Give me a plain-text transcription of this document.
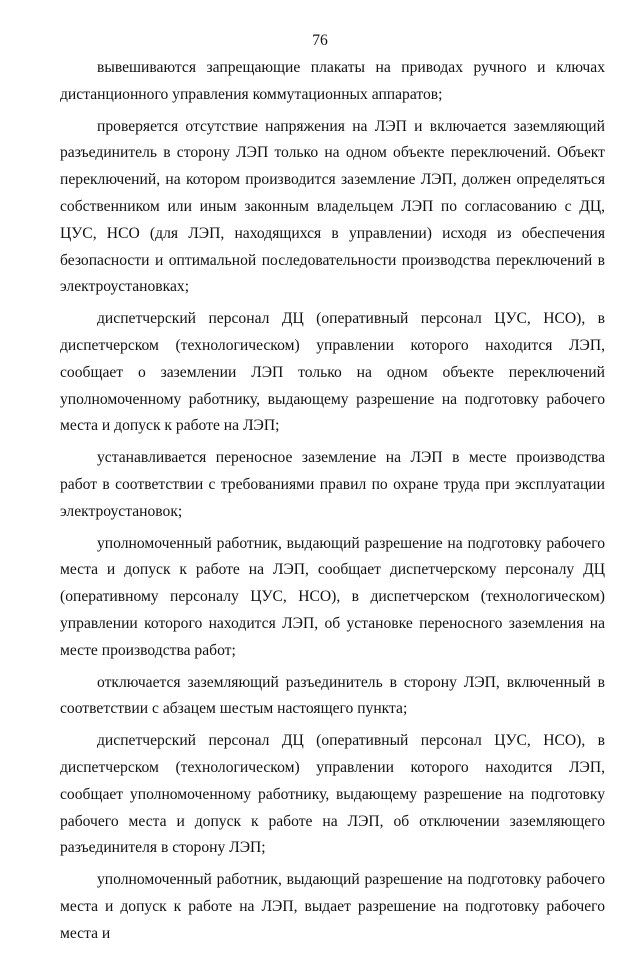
76

вывешиваются запрещающие плакаты на приводах ручного и ключах дистанционного управления коммутационных аппаратов;

проверяется отсутствие напряжения на ЛЭП и включается заземляющий разъединитель в сторону ЛЭП только на одном объекте переключений. Объект переключений, на котором производится заземление ЛЭП, должен определяться собственником или иным законным владельцем ЛЭП по согласованию с ДЦ, ЦУС, НСО (для ЛЭП, находящихся в управлении) исходя из обеспечения безопасности и оптимальной последовательности производства переключений в электроустановках;

диспетчерский персонал ДЦ (оперативный персонал ЦУС, НСО), в диспетчерском (технологическом) управлении которого находится ЛЭП, сообщает о заземлении ЛЭП только на одном объекте переключений уполномоченному работнику, выдающему разрешение на подготовку рабочего места и допуск к работе на ЛЭП;

устанавливается переносное заземление на ЛЭП в месте производства работ в соответствии с требованиями правил по охране труда при эксплуатации электроустановок;

уполномоченный работник, выдающий разрешение на подготовку рабочего места и допуск к работе на ЛЭП, сообщает диспетчерскому персоналу ДЦ (оперативному персоналу ЦУС, НСО), в диспетчерском (технологическом) управлении которого находится ЛЭП, об установке переносного заземления на месте производства работ;

отключается заземляющий разъединитель в сторону ЛЭП, включенный в соответствии с абзацем шестым настоящего пункта;

диспетчерский персонал ДЦ (оперативный персонал ЦУС, НСО), в диспетчерском (технологическом) управлении которого находится ЛЭП, сообщает уполномоченному работнику, выдающему разрешение на подготовку рабочего места и допуск к работе на ЛЭП, об отключении заземляющего разъединителя в сторону ЛЭП;

уполномоченный работник, выдающий разрешение на подготовку рабочего места и допуск к работе на ЛЭП, выдает разрешение на подготовку рабочего места и
